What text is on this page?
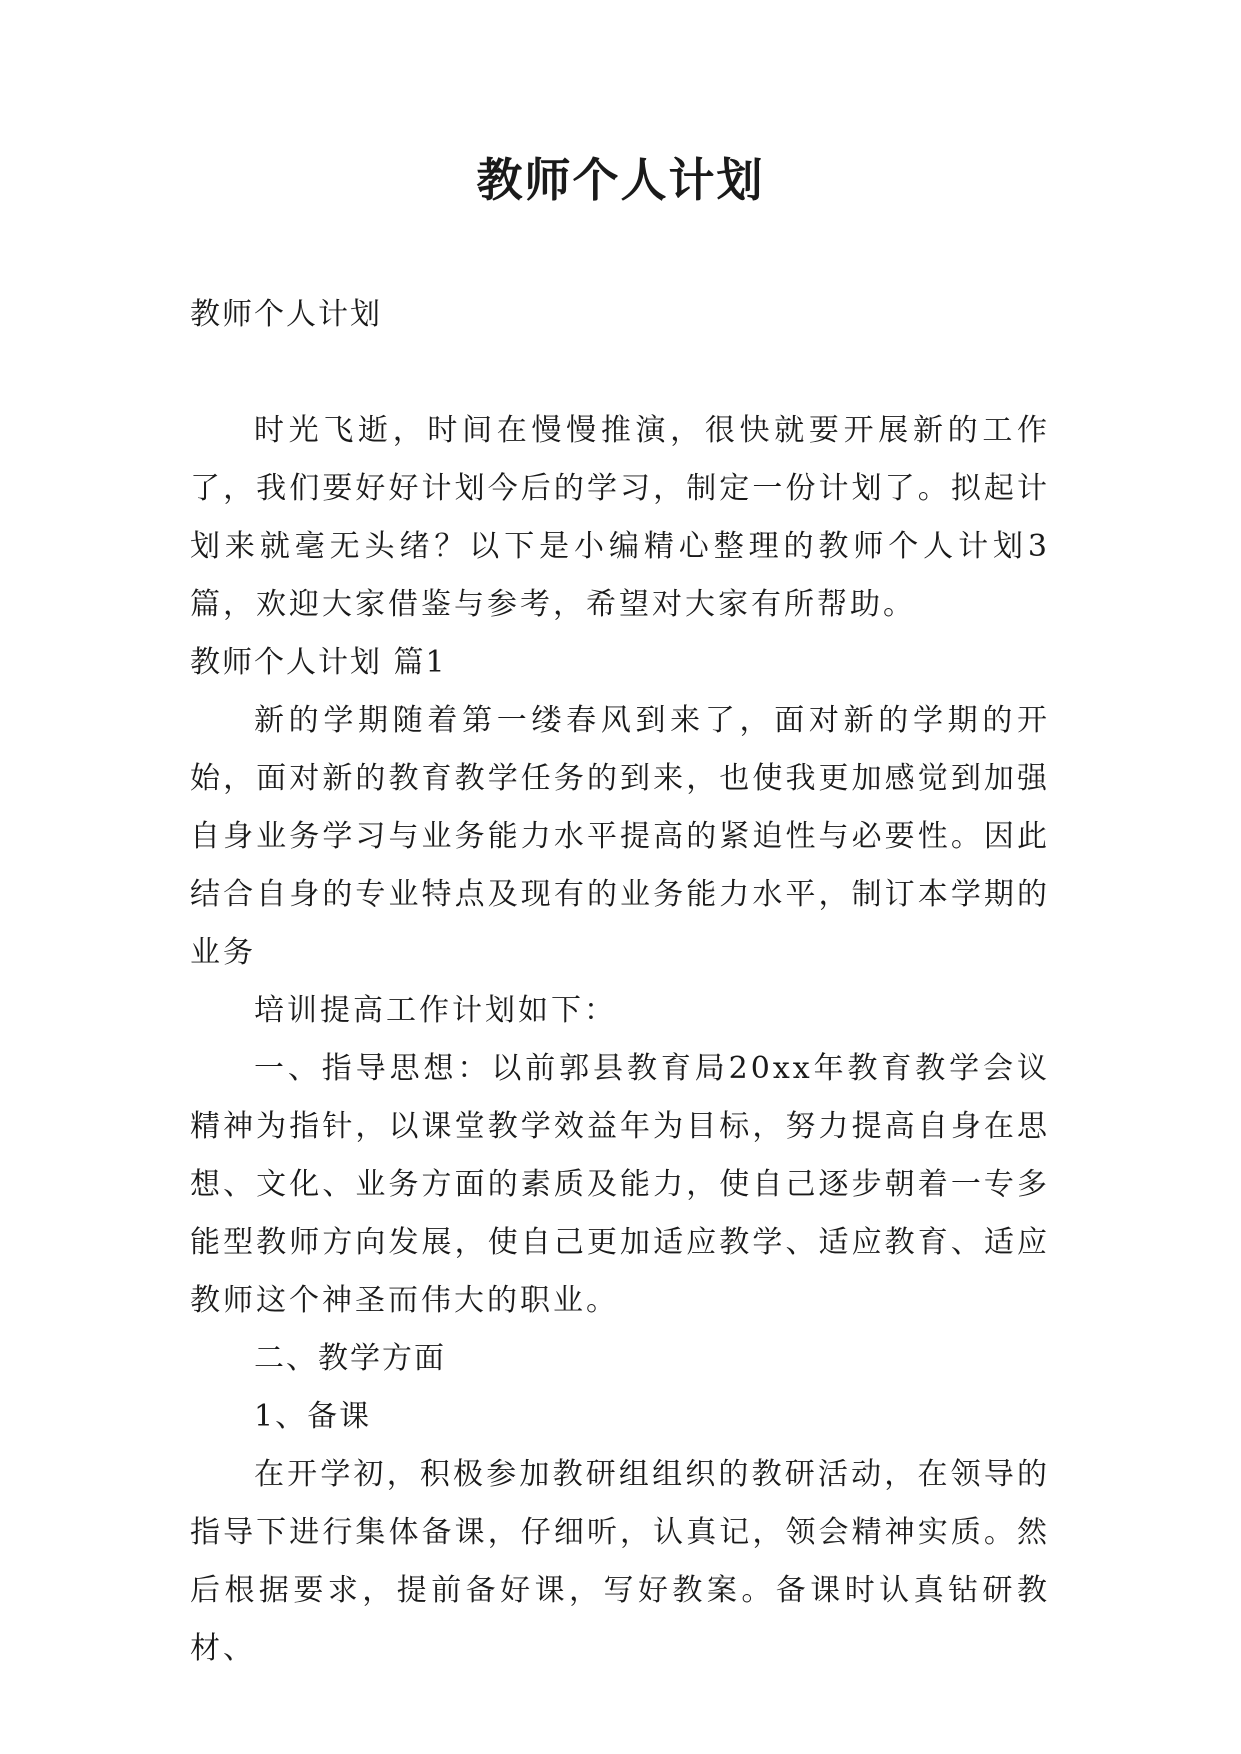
教师个人计划
教师个人计划

时光飞逝，时间在慢慢推演，很快就要开展新的工作了，我们要好好计划今后的学习，制定一份计划了。拟起计划来就毫无头绪？以下是小编精心整理的教师个人计划3篇，欢迎大家借鉴与参考，希望对大家有所帮助。

教师个人计划 篇1

新的学期随着第一缕春风到来了，面对新的学期的开始，面对新的教育教学任务的到来，也使我更加感觉到加强自身业务学习与业务能力水平提高的紧迫性与必要性。因此结合自身的专业特点及现有的业务能力水平，制订本学期的业务

培训提高工作计划如下：

一、指导思想：以前郭县教育局20xx年教育教学会议精神为指针，以课堂教学效益年为目标，努力提高自身在思想、文化、业务方面的素质及能力，使自己逐步朝着一专多能型教师方向发展，使自己更加适应教学、适应教育、适应教师这个神圣而伟大的职业。

二、教学方面

1、备课

在开学初，积极参加教研组组织的教研活动，在领导的指导下进行集体备课，仔细听，认真记，领会精神实质。然后根据要求，提前备好课，写好教案。备课时认真钻研教材、
